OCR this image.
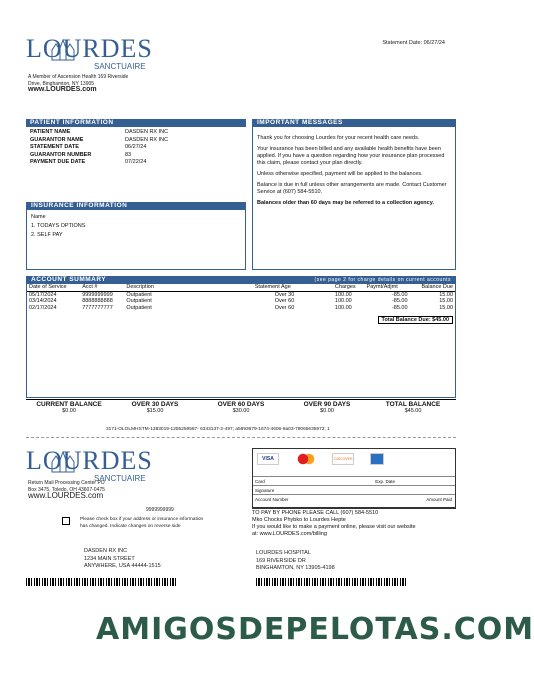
Statement Date: 06/27/24
LOURDES
SANCTUAIRE
A Member of Ascension Health 169 Riverside
Drive, Binghamton, NY 13905
www.LOURDES.com
PATIENT INFORMATION
PATIENT NAME	DASDEN RX INC
GUARANTOR NAME	DASDEN RX INC
STATEMENT DATE	06/27/24
GUARANTOR NUMBER	83
PAYMENT DUE DATE	07/22/24
INSURANCE INFORMATION
Name
1. TODAYS OPTIONS
2. SELF PAY
IMPORTANT MESSAGES

Thank you for choosing Lourdes for your recent health care needs.

Your insurance has been billed and any available health benefits have been applied. If you have a question regarding how your insurance plan processed this claim, please contact your plan directly.

Unless otherwise specified, payment will be applied to the balances.

Balance is due in full unless other arrangements are made. Contact Customer Service at (607) 584-5510.

Balances older than 60 days may be referred to a collection agency.

ACCOUNT SUMMARY	(see page 2 for charge details on current accounts
Date of Service	Acct #	Description	Statement Age	Charges	Paymt/Adjmt	Balance Due
05/17/2024	9999999999	Outpatient	Over 30	100.00	-85.00	15.00
03/14/2024	8888888888	Outpatient	Over 60	100.00	-85.00	15.00
02/17/2024	7777777777	Outpatient	Over 60	100.00	-85.00	15.00
Total Balance Due: $45.00
CURRENT BALANCE
$0.00
OVER 30 DAYS
$15.00
OVER 60 DAYS
$30.00
OVER 90 DAYS
$0.00
TOTAL BALANCE
$45.00
3171-OLOLMHSTM-1383019-1255259587- 6343137-2-497; a5893679-1674-4606-8a03-79065635973; 1
LOURDES
SANCTUAIRE
Return Mail Processing Center PO
Box 3475, Toledo, OH 43607-0475
www.LOURDES.com
9999999999
Please check box if your address or insurance information
has changed. Indicate changes on reverse side
DASDEN RX INC
1234 MAIN STREET
ANYWHERE, USA 44444-1515
VISA	DISCOVER
Card	Exp. Date
Signature
Account Number	Amount Paid
TO PAY BY PHONE PLEASE CALL (607) 584-5510
Mko Chocks Phybko to Lourdes Hepte
If you would like to make a payment online, please visit our website
at: www.LOURDES.com/billing
LOURDES HOSPITAL
169 RIVERSIDE DR
BINGHAMTON, NY 13905-4198
AMIGOSDEPELOTAS.COM
